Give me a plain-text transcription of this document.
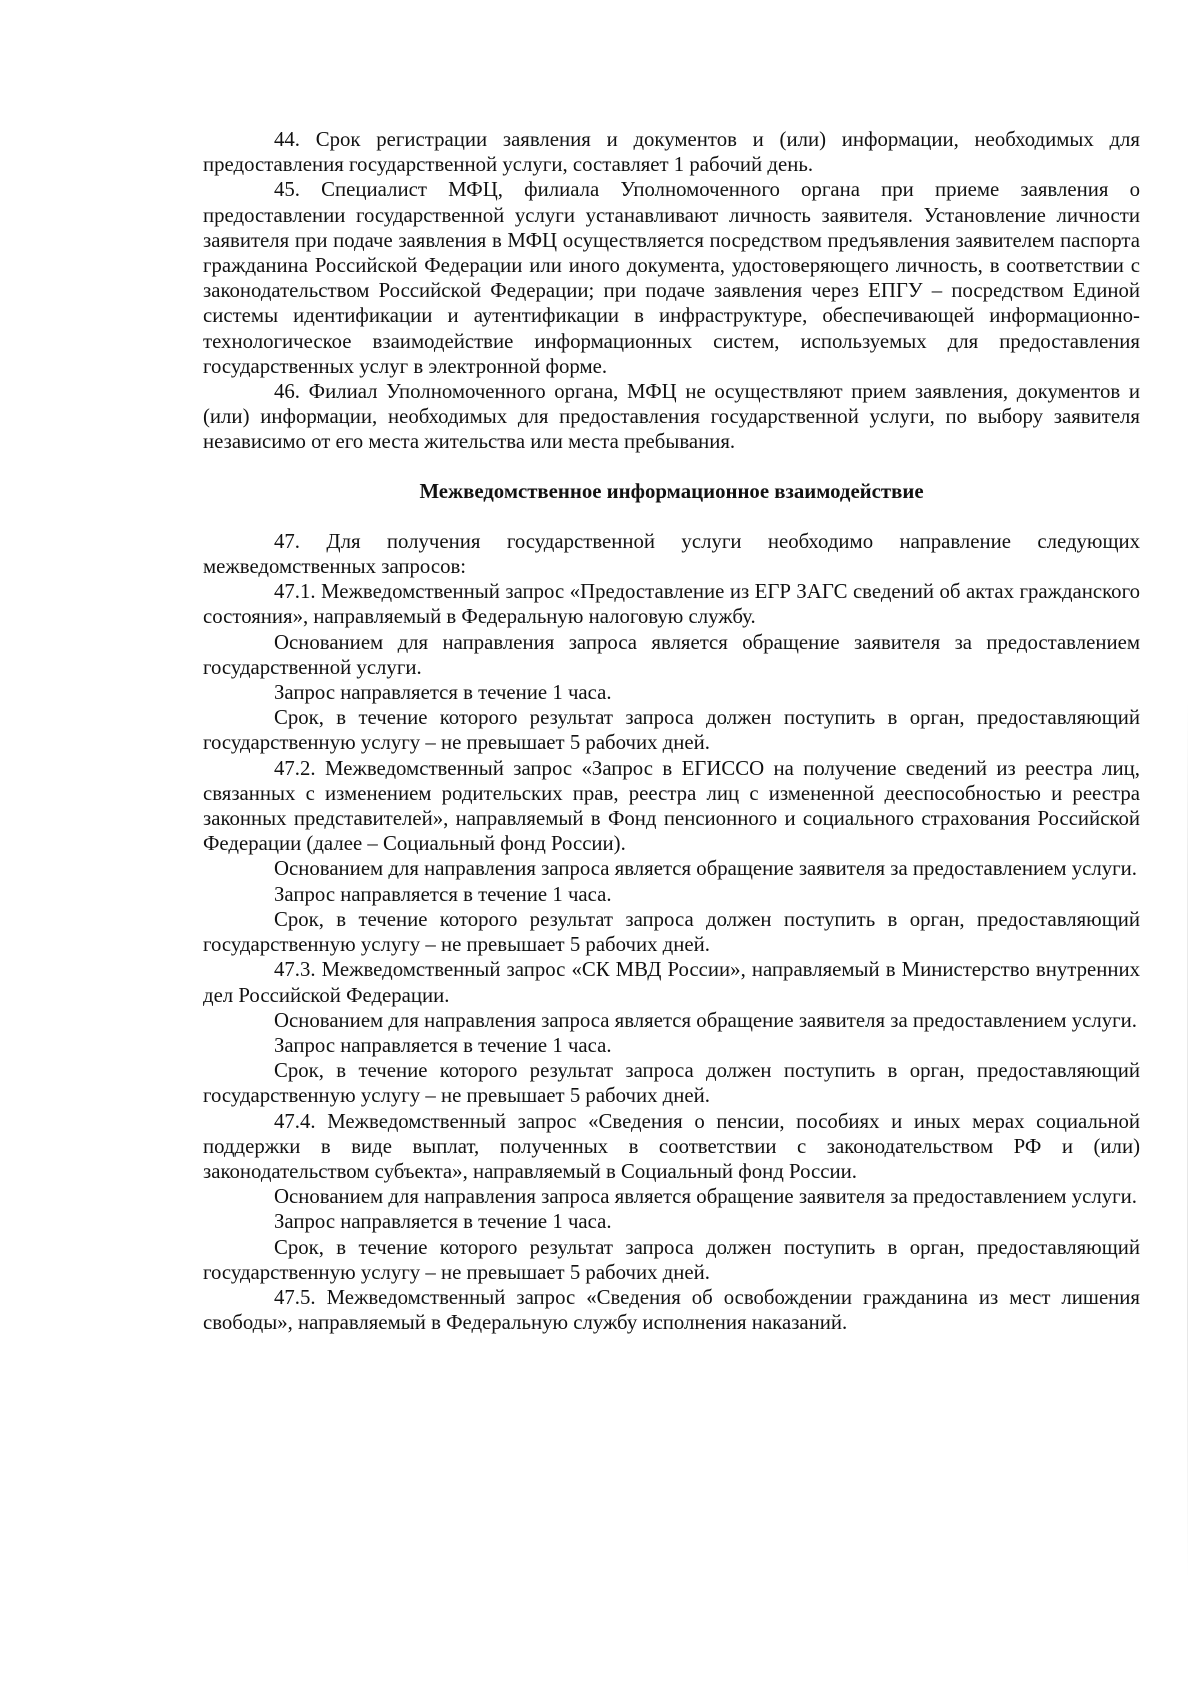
44. Срок регистрации заявления и документов и (или) информации, необходимых для предоставления государственной услуги, составляет 1 рабочий день.

45. Специалист МФЦ, филиала Уполномоченного органа при приеме заявления о предоставлении государственной услуги устанавливают личность заявителя. Установление личности заявителя при подаче заявления в МФЦ осуществляется посредством предъявления заявителем паспорта гражданина Российской Федерации или иного документа, удостоверяющего личность, в соответствии с законодательством Российской Федерации; при подаче заявления через ЕПГУ – посредством Единой системы идентификации и аутентификации в инфраструктуре, обеспечивающей информационно-технологическое взаимодействие информационных систем, используемых для предоставления государственных услуг в электронной форме.

46. Филиал Уполномоченного органа, МФЦ не осуществляют прием заявления, документов и (или) информации, необходимых для предоставления государственной услуги, по выбору заявителя независимо от его места жительства или места пребывания.

Межведомственное информационное взаимодействие

47. Для получения государственной услуги необходимо направление следующих межведомственных запросов:

47.1. Межведомственный запрос «Предоставление из ЕГР ЗАГС сведений об актах гражданского состояния», направляемый в Федеральную налоговую службу.

Основанием для направления запроса является обращение заявителя за предоставлением государственной услуги.

Запрос направляется в течение 1 часа.

Срок, в течение которого результат запроса должен поступить в орган, предоставляющий государственную услугу – не превышает 5 рабочих дней.

47.2. Межведомственный запрос «Запрос в ЕГИССО на получение сведений из реестра лиц, связанных с изменением родительских прав, реестра лиц с измененной дееспособностью и реестра законных представителей», направляемый в Фонд пенсионного и социального страхования Российской Федерации (далее – Социальный фонд России).

Основанием для направления запроса является обращение заявителя за предоставлением услуги.

Запрос направляется в течение 1 часа.

Срок, в течение которого результат запроса должен поступить в орган, предоставляющий государственную услугу – не превышает 5 рабочих дней.

47.3. Межведомственный запрос «СК МВД России», направляемый в Министерство внутренних дел Российской Федерации.

Основанием для направления запроса является обращение заявителя за предоставлением услуги.

Запрос направляется в течение 1 часа.

Срок, в течение которого результат запроса должен поступить в орган, предоставляющий государственную услугу – не превышает 5 рабочих дней.

47.4. Межведомственный запрос «Сведения о пенсии, пособиях и иных мерах социальной поддержки в виде выплат, полученных в соответствии с законодательством РФ и (или) законодательством субъекта», направляемый в Социальный фонд России.

Основанием для направления запроса является обращение заявителя за предоставлением услуги.

Запрос направляется в течение 1 часа.

Срок, в течение которого результат запроса должен поступить в орган, предоставляющий государственную услугу – не превышает 5 рабочих дней.

47.5. Межведомственный запрос «Сведения об освобождении гражданина из мест лишения свободы», направляемый в Федеральную службу исполнения наказаний.
